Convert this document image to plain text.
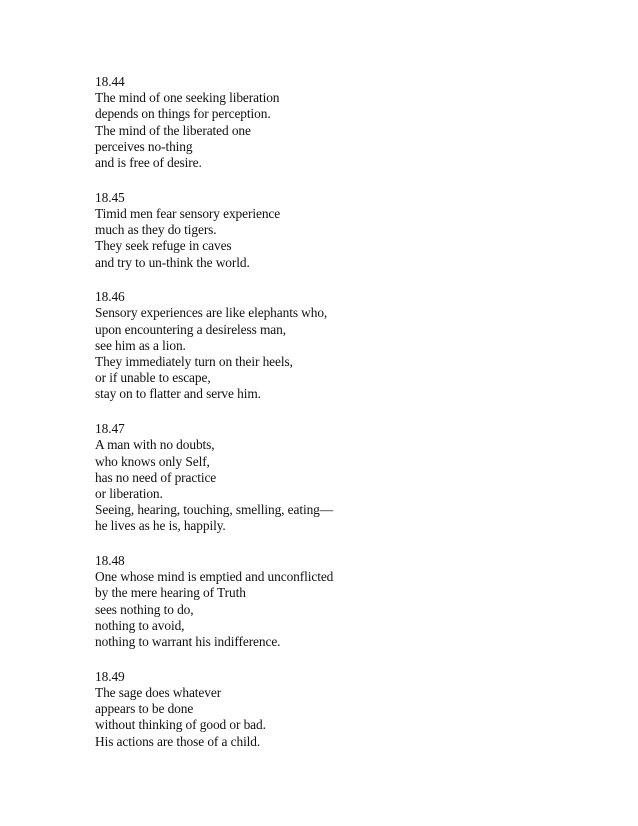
18.44
The mind of one seeking liberation
depends on things for perception.
The mind of the liberated one
perceives no-thing
and is free of desire.
18.45
Timid men fear sensory experience
much as they do tigers.
They seek refuge in caves
and try to un-think the world.
18.46
Sensory experiences are like elephants who,
upon encountering a desireless man,
see him as a lion.
They immediately turn on their heels,
or if unable to escape,
stay on to flatter and serve him.
18.47
A man with no doubts,
who knows only Self,
has no need of practice
or liberation.
Seeing, hearing, touching, smelling, eating—
he lives as he is, happily.
18.48
One whose mind is emptied and unconflicted
by the mere hearing of Truth
sees nothing to do,
nothing to avoid,
nothing to warrant his indifference.
18.49
The sage does whatever
appears to be done
without thinking of good or bad.
His actions are those of a child.
